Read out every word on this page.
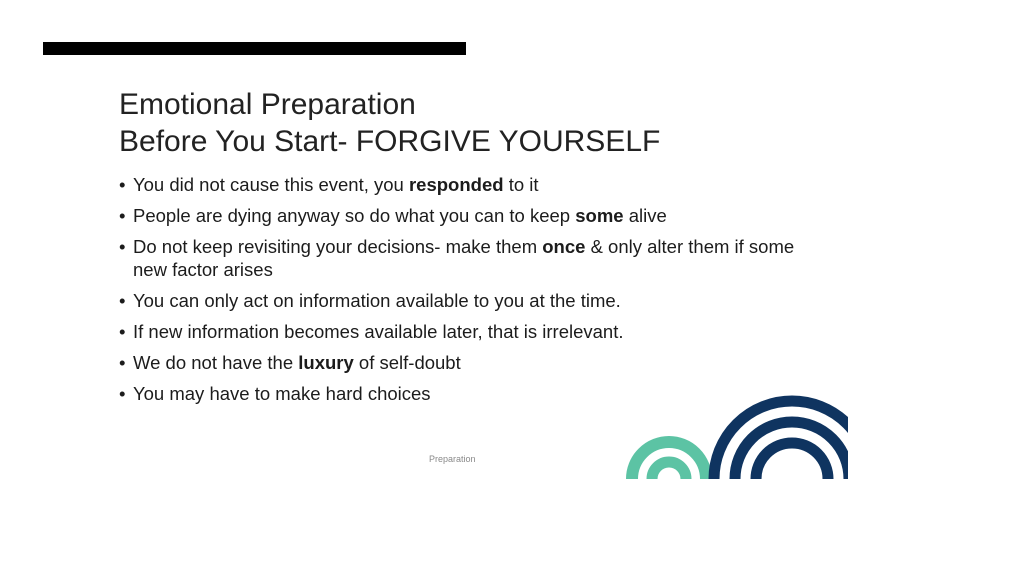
Emotional Preparation
Before You Start- FORGIVE YOURSELF
• You did not cause this event, you responded to it
• People are dying anyway so do what you can to keep some alive
• Do not keep revisiting your decisions- make them once & only alter them if some new factor arises
• You can only act on information available to you at the time.
• If new information becomes available later, that is irrelevant.
• We do not have the luxury of self-doubt
• You may have to make hard choices
Preparation
